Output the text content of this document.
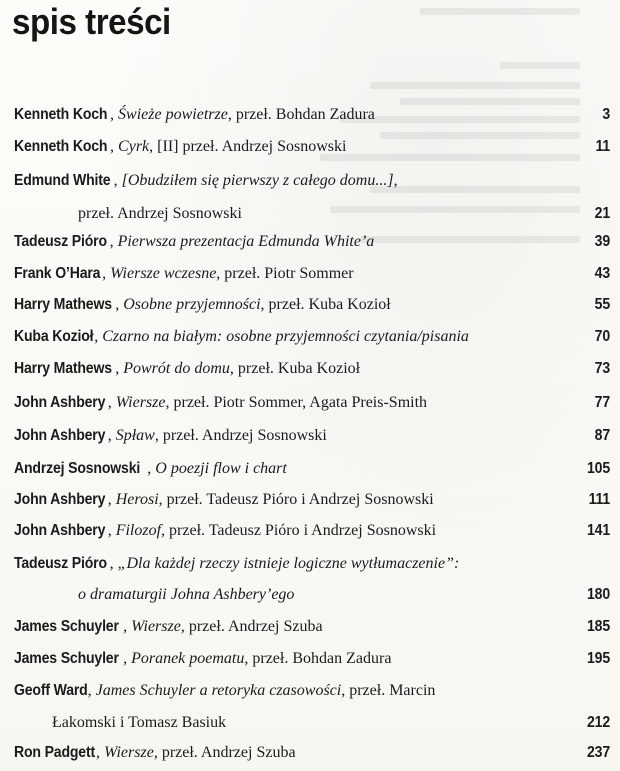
spis treści
Kenneth Koch , Świeże powietrze, przeł. Bohdan Zadura	3
Kenneth Koch , Cyrk, [II] przeł. Andrzej Sosnowski	11
Edmund White , [Obudziłem się pierwszy z całego domu...],
przeł. Andrzej Sosnowski	21
Tadeusz Pióro , Pierwsza prezentacja Edmunda White’a	39
Frank O’Hara , Wiersze wczesne, przeł. Piotr Sommer	43
Harry Mathews , Osobne przyjemności, przeł. Kuba Kozioł	55
Kuba Kozioł, Czarno na białym: osobne przyjemności czytania/pisania	70
Harry Mathews , Powrót do domu, przeł. Kuba Kozioł	73
John Ashbery , Wiersze, przeł. Piotr Sommer, Agata Preis-Smith	77
John Ashbery , Spław, przeł. Andrzej Sosnowski	87
Andrzej Sosnowski , O poezji flow i chart	105
John Ashbery , Herosi, przeł. Tadeusz Pióro i Andrzej Sosnowski	111
John Ashbery , Filozof, przeł. Tadeusz Pióro i Andrzej Sosnowski	141
Tadeusz Pióro , „Dla każdej rzeczy istnieje logiczne wytłumaczenie”:
o dramaturgii Johna Ashbery’ego	180
James Schuyler , Wiersze, przeł. Andrzej Szuba	185
James Schuyler , Poranek poematu, przeł. Bohdan Zadura	195
Geoff Ward, James Schuyler a retoryka czasowości, przeł. Marcin
Łakomski i Tomasz Basiuk	212
Ron Padgett, Wiersze, przeł. Andrzej Szuba	237
